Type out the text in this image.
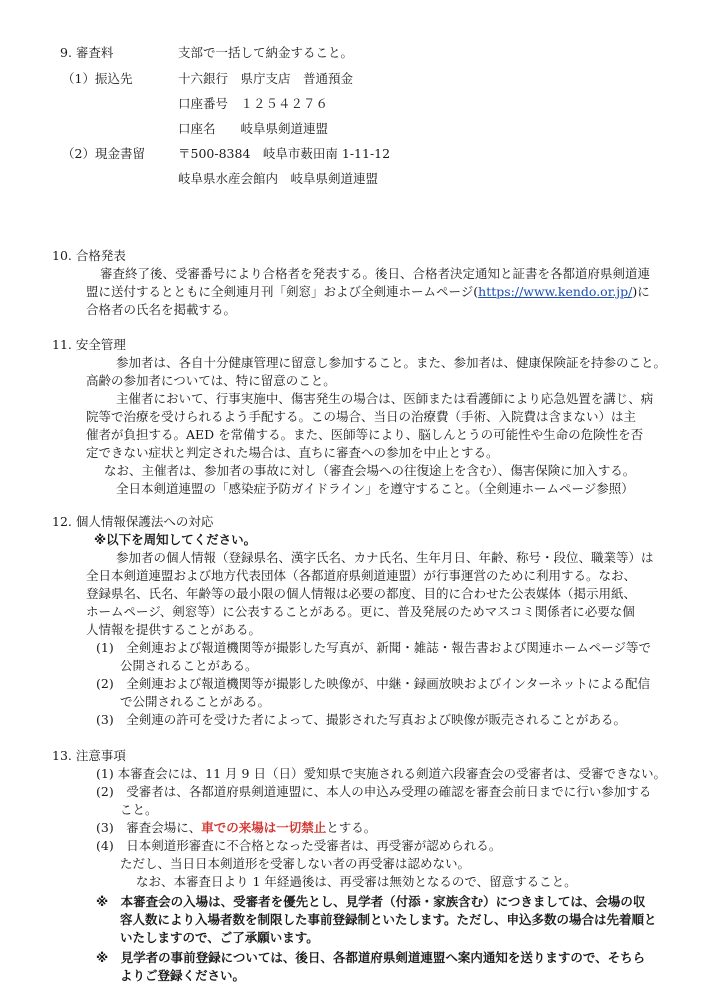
9. 審査料	支部で一括して納金すること。
（1）振込先	十六銀行　県庁支店　普通預金
口座番号　１２５４２７６
口座名　　岐阜県剣道連盟
（2）現金書留	〒500-8384　岐阜市薮田南 1-11-12
岐阜県水産会館内　岐阜県剣道連盟
10. 合格発表
審査終了後、受審番号により合格者を発表する。後日、合格者決定通知と証書を各都道府県剣道連
盟に送付するとともに全剣連月刊「剣窓」および全剣連ホームページ(https://www.kendo.or.jp/)に
合格者の氏名を掲載する。
11. 安全管理
参加者は、各自十分健康管理に留意し参加すること。また、参加者は、健康保険証を持参のこと。
高齢の参加者については、特に留意のこと。
主催者において、行事実施中、傷害発生の場合は、医師または看護師により応急処置を講じ、病
院等で治療を受けられるよう手配する。この場合、当日の治療費（手術、入院費は含まない）は主
催者が負担する。AED を常備する。また、医師等により、脳しんとうの可能性や生命の危険性を否
定できない症状と判定された場合は、直ちに審査への参加を中止とする。
なお、主催者は、参加者の事故に対し（審査会場への往復途上を含む）、傷害保険に加入する。
全日本剣道連盟の「感染症予防ガイドライン」を遵守すること。（全剣連ホームページ参照）
12. 個人情報保護法への対応
※以下を周知してください。
参加者の個人情報（登録県名、漢字氏名、カナ氏名、生年月日、年齢、称号・段位、職業等）は
全日本剣道連盟および地方代表団体（各都道府県剣道連盟）が行事運営のために利用する。なお、
登録県名、氏名、年齢等の最小限の個人情報は必要の都度、目的に合わせた公表媒体（掲示用紙、
ホームページ、剣窓等）に公表することがある。更に、普及発展のためマスコミ関係者に必要な個
人情報を提供することがある。
(1)　全剣連および報道機関等が撮影した写真が、新聞・雑誌・報告書および関連ホームページ等で
公開されることがある。
(2)　全剣連および報道機関等が撮影した映像が、中継・録画放映およびインターネットによる配信
で公開されることがある。
(3)　全剣連の許可を受けた者によって、撮影された写真および映像が販売されることがある。
13. 注意事項
(1) 本審査会には、11 月 9 日（日）愛知県で実施される剣道六段審査会の受審者は、受審できない。
(2)　受審者は、各都道府県剣道連盟に、本人の申込み受理の確認を審査会前日までに行い参加する
こと。
(3)　審査会場に、車での来場は一切禁止とする。
(4)　日本剣道形審査に不合格となった受審者は、再受審が認められる。
ただし、当日日本剣道形を受審しない者の再受審は認めない。
なお、本審査日より 1 年経過後は、再受審は無効となるので、留意すること。
※　本審査会の入場は、受審者を優先とし、見学者（付添・家族含む）につきましては、会場の収
容人数により入場者数を制限した事前登録制といたします。ただし、申込多数の場合は先着順と
いたしますので、ご了承願います。
※　見学者の事前登録については、後日、各都道府県剣道連盟へ案内通知を送りますので、そちら
よりご登録ください。
